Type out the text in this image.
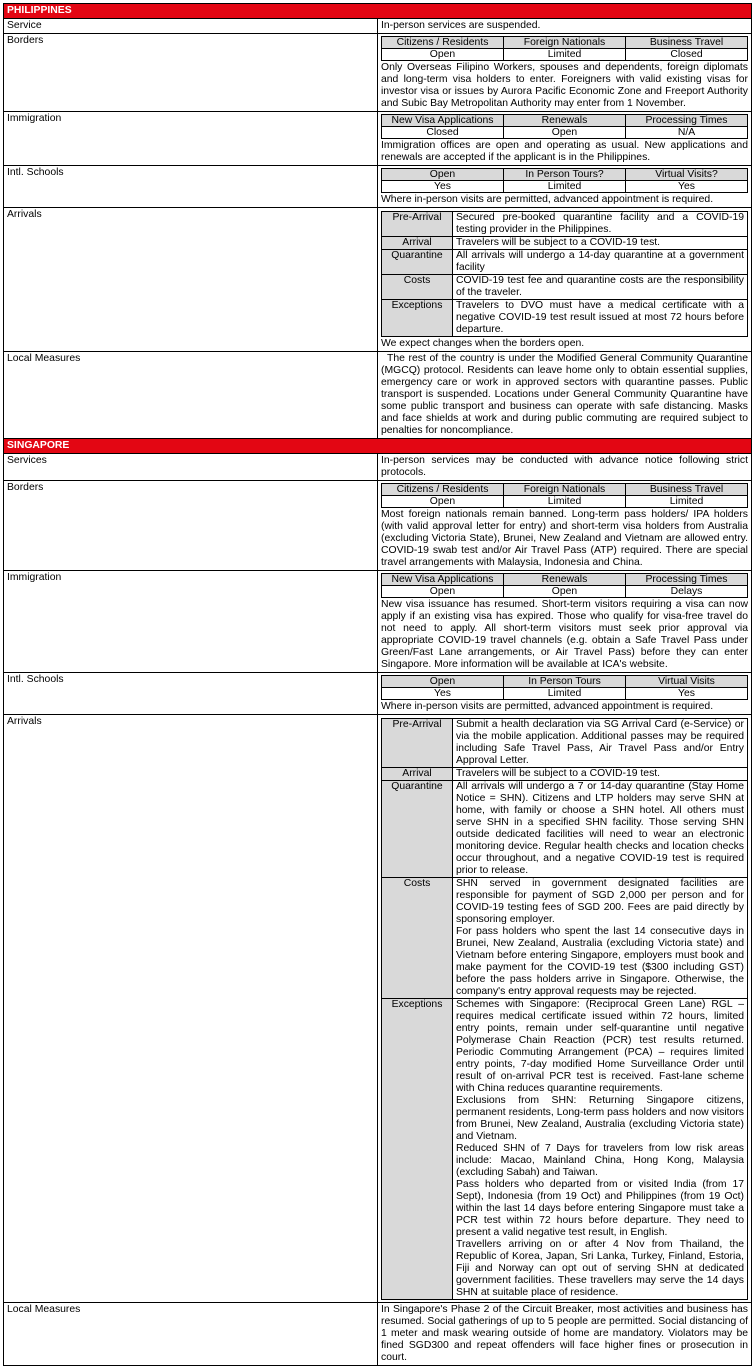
PHILIPPINES
Service	In-person services are suspended.
Borders		Citizens / Residents	Foreign Nationals	Business Travel
Open	Limited	Closed

Only Overseas Filipino Workers, spouses and dependents, foreign diplomats and long-term visa holders to enter. Foreigners with valid existing visas for investor visa or issues by Aurora Pacific Economic Zone and Freeport Authority and Subic Bay Metropolitan Authority may enter from 1 November.

Immigration		New Visa Applications	Renewals	Processing Times
Closed	Open	N/A

Immigration offices are open and operating as usual. New applications and renewals are accepted if the applicant is in the Philippines.

Intl. Schools		Open	In Person Tours?	Virtual Visits?
Yes	Limited	Yes

Where in-person visits are permitted, advanced appointment is required.

Arrivals		Pre-Arrival	Secured pre-booked quarantine facility and a COVID-19 testing provider in the Philippines.

Arrival	Travelers will be subject to a COVID-19 test.

Quarantine	All arrivals will undergo a 14-day quarantine at a government facility

Costs	COVID-19 test fee and quarantine costs are the responsibility of the traveler.

Exceptions	Travelers to DVO must have a medical certificate with a negative COVID-19 test result issued at most 72 hours before departure.

We expect changes when the borders open.

Local Measures	The rest of the country is under the Modified General Community Quarantine (MGCQ) protocol. Residents can leave home only to obtain essential supplies, emergency care or work in approved sectors with quarantine passes. Public transport is suspended. Locations under General Community Quarantine have some public transport and business can operate with safe distancing. Masks and face shields at work and during public commuting are required subject to penalties for noncompliance.
SINGAPORE
Services	In-person services may be conducted with advance notice following strict protocols.
Borders		Citizens / Residents	Foreign Nationals	Business Travel
Open	Limited	Limited

Most foreign nationals remain banned. Long-term pass holders/ IPA holders (with valid approval letter for entry) and short-term visa holders from Australia (excluding Victoria State), Brunei, New Zealand and Vietnam are allowed entry. COVID-19 swab test and/or Air Travel Pass (ATP) required. There are special travel arrangements with Malaysia, Indonesia and China.

Immigration		New Visa Applications	Renewals	Processing Times
Open	Open	Delays

New visa issuance has resumed. Short-term visitors requiring a visa can now apply if an existing visa has expired. Those who qualify for visa-free travel do not need to apply. All short-term visitors must seek prior approval via appropriate COVID-19 travel channels (e.g. obtain a Safe Travel Pass under Green/Fast Lane arrangements, or Air Travel Pass) before they can enter Singapore. More information will be available at ICA's website.

Intl. Schools		Open	In Person Tours	Virtual Visits
Yes	Limited	Yes

Where in-person visits are permitted, advanced appointment is required.

Arrivals		Pre-Arrival	Submit a health declaration via SG Arrival Card (e-Service) or via the mobile application. Additional passes may be required including Safe Travel Pass, Air Travel Pass and/or Entry Approval Letter.

Arrival	Travelers will be subject to a COVID-19 test.

Quarantine	All arrivals will undergo a 7 or 14-day quarantine (Stay Home Notice = SHN). Citizens and LTP holders may serve SHN at home, with family or choose a SHN hotel. All others must serve SHN in a specified SHN facility. Those serving SHN outside dedicated facilities will need to wear an electronic monitoring device. Regular health checks and location checks occur throughout, and a negative COVID-19 test is required prior to release.

Costs	SHN served in government designated facilities are responsible for payment of SGD 2,000 per person and for COVID-19 testing fees of SGD 200. Fees are paid directly by sponsoring employer.

For pass holders who spent the last 14 consecutive days in Brunei, New Zealand, Australia (excluding Victoria state) and Vietnam before entering Singapore, employers must book and make payment for the COVID-19 test ($300 including GST) before the pass holders arrive in Singapore. Otherwise, the company's entry approval requests may be rejected.

Exceptions	Schemes with Singapore: (Reciprocal Green Lane) RGL – requires medical certificate issued within 72 hours, limited entry points, remain under self-quarantine until negative Polymerase Chain Reaction (PCR) test results returned. Periodic Commuting Arrangement (PCA) – requires limited entry points, 7-day modified Home Surveillance Order until result of on-arrival PCR test is received. Fast-lane scheme with China reduces quarantine requirements.

Exclusions from SHN: Returning Singapore citizens, permanent residents, Long-term pass holders and now visitors from Brunei, New Zealand, Australia (excluding Victoria state) and Vietnam.

Reduced SHN of 7 Days for travelers from low risk areas include: Macao, Mainland China, Hong Kong, Malaysia (excluding Sabah) and Taiwan.

Pass holders who departed from or visited India (from 17 Sept), Indonesia (from 19 Oct) and Philippines (from 19 Oct) within the last 14 days before entering Singapore must take a PCR test within 72 hours before departure. They need to present a valid negative test result, in English.

Travellers arriving on or after 4 Nov from Thailand, the Republic of Korea, Japan, Sri Lanka, Turkey, Finland, Estoria, Fiji and Norway can opt out of serving SHN at dedicated government facilities. These travellers may serve the 14 days SHN at suitable place of residence.

Local Measures	In Singapore's Phase 2 of the Circuit Breaker, most activities and business has resumed. Social gatherings of up to 5 people are permitted. Social distancing of 1 meter and mask wearing outside of home are mandatory. Violators may be fined SGD300 and repeat offenders will face higher fines or prosecution in court.
